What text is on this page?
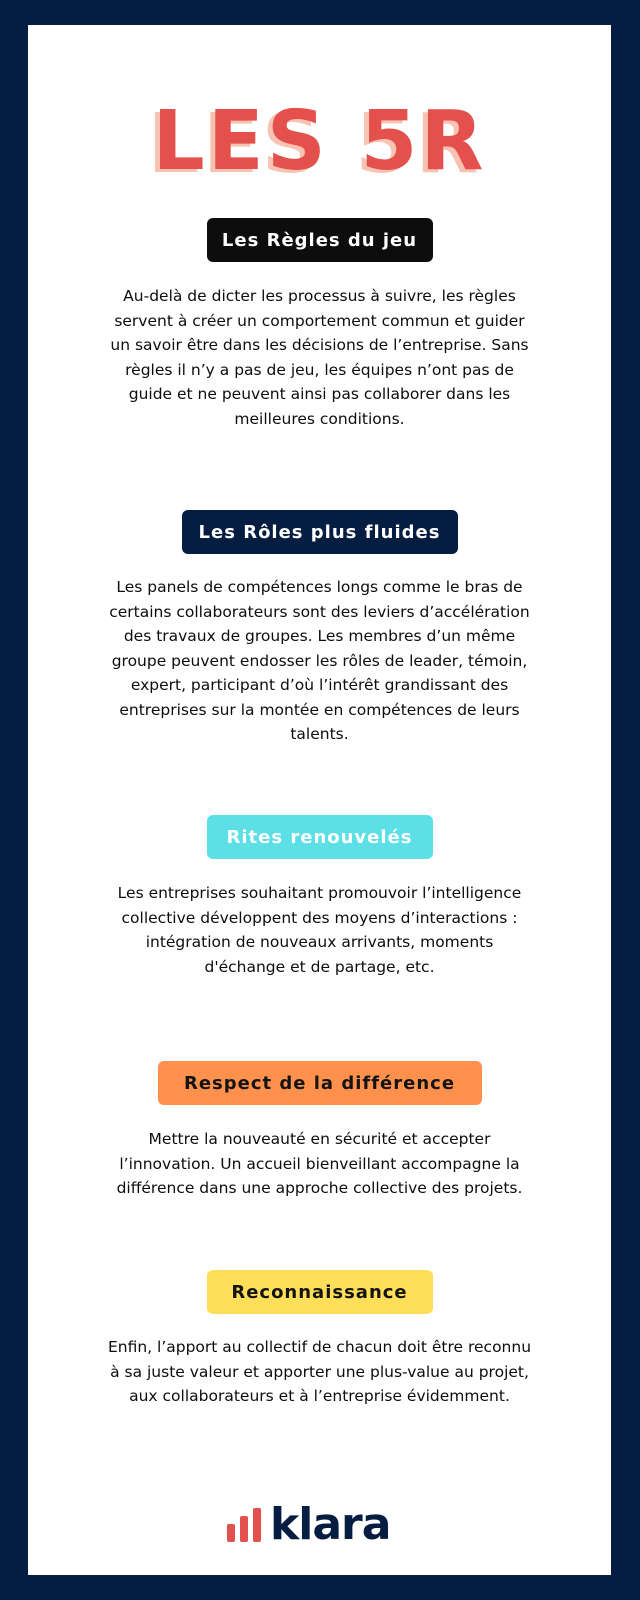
LES 5R
Les Règles du jeu
Au-delà de dicter les processus à suivre, les règles servent à créer un comportement commun et guider un savoir être dans les décisions de l’entreprise. Sans règles il n’y a pas de jeu, les équipes n’ont pas de guide et ne peuvent ainsi pas collaborer dans les meilleures conditions.
Les Rôles plus fluides
Les panels de compétences longs comme le bras de certains collaborateurs sont des leviers d’accélération des travaux de groupes. Les membres d’un même groupe peuvent endosser les rôles de leader, témoin, expert, participant d’où l’intérêt grandissant des entreprises sur la montée en compétences de leurs talents.
Rites renouvelés
Les entreprises souhaitant promouvoir l’intelligence collective développent des moyens d’interactions : intégration de nouveaux arrivants, moments d'échange et de partage, etc.
Respect de la différence
Mettre la nouveauté en sécurité et accepter l’innovation. Un accueil bienveillant accompagne la différence dans une approche collective des projets.
Reconnaissance
Enfin, l’apport au collectif de chacun doit être reconnu à sa juste valeur et apporter une plus-value au projet, aux collaborateurs et à l’entreprise évidemment.
klara
